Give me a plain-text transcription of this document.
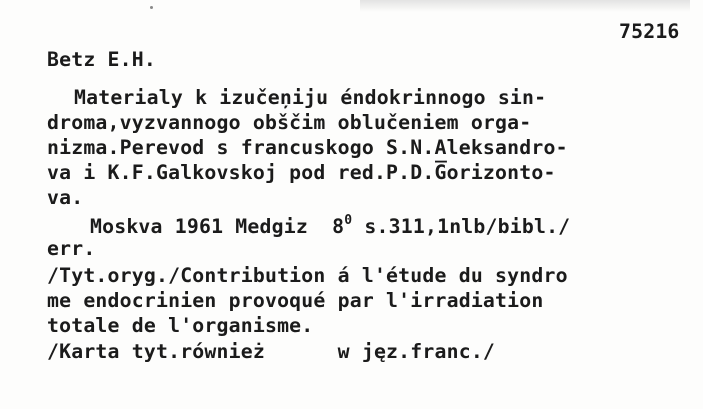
75216
Betz E.H.
Materialy k izučeņiju éndokrinnogo sin-
droma,vyzvannogo obščim oblučeniem orga-
nizma.Perevod s francuskogo S.N.Aleksandro-
va i K.F.Galkovskoj pod red.P.D.G̅orizontо-
va.
Moskva 1961 Medgiz  $8^0$ s.311,1nlb/bibl./
err.
/Tyt.oryg./Contribution á l'étude du syndro
me endocrinien provoqué par l'irradiation
totale de l'organisme.
/Karta tyt.również      w jęz.franc./
